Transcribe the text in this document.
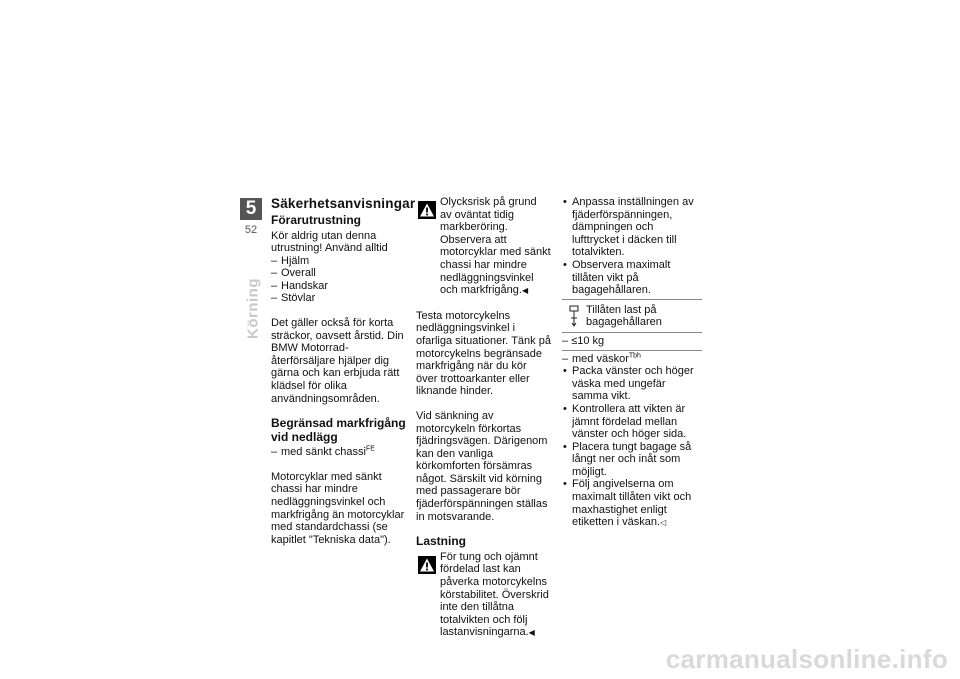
5
52
Körning
Säkerhetsanvisningar
Förarutrustning
Kör aldrig utan denna utrustning! Använd alltid
– Hjälm
– Overall
– Handskar
– Stövlar

Det gäller också för korta sträckor, oavsett årstid. Din BMW Motorrad-återförsäljare hjälper dig gärna och kan erbjuda rätt klädsel för olika användningsområden.

Begränsad markfrigång vid nedlägg
– med sänkt chassi$^{FE}$

Motorcyklar med sänkt chassi har mindre nedläggningsvinkel och markfrigång än motorcyklar med standardchassi (se kapitlet "Tekniska data").

Olycksrisk på grund av oväntat tidig markberöring. Observera att motorcyklar med sänkt chassi har mindre nedläggningsvinkel och markfrigång.◀

Testa motorcykelns nedläggningsvinkel i ofarliga situationer. Tänk på motorcykelns begränsade markfrigång när du kör över trottoarkanter eller liknande hinder.

Vid sänkning av motorcykeln förkortas fjädringsvägen. Därigenom kan den vanliga körkomforten försämras något. Särskilt vid körning med passagerare bör fjäderförspänningen ställas in motsvarande.

Lastning
För tung och ojämnt fördelad last kan påverka motorcykelns körstabilitet. Överskrid inte den tillåtna totalvikten och följ lastanvisningarna.◀
• Anpassa inställningen av fjäderförspänningen, dämpningen och lufttrycket i däcken till totalvikten.
• Observera maximalt tillåten vikt på bagagehållaren.
Tillåten last på bagagehållaren
– ≤10 kg
– med väskor$^{Tbh}$
• Packa vänster och höger väska med ungefär samma vikt.
• Kontrollera att vikten är jämnt fördelad mellan vänster och höger sida.
• Placera tungt bagage så långt ner och inåt som möjligt.
• Följ angivelserna om maximalt tillåten vikt och maxhastighet enligt etiketten i väskan.◁
carmanualsonline.info
